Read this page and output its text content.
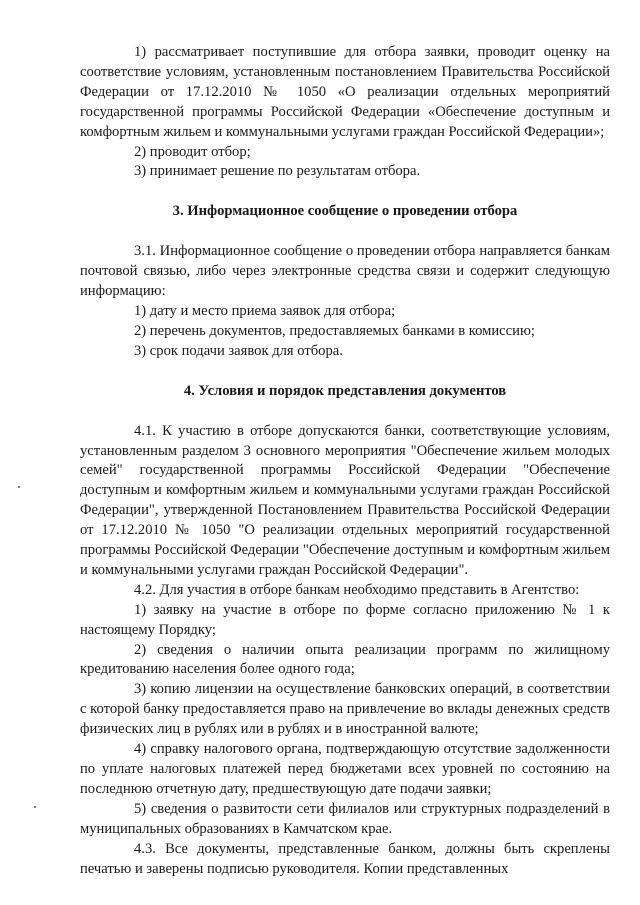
1) рассматривает поступившие для отбора заявки, проводит оценку на соответствие условиям, установленным постановлением Правительства Российской Федерации от 17.12.2010 № 1050 «О реализации отдельных мероприятий государственной программы Российской Федерации «Обеспечение доступным и комфортным жильем и коммунальными услугами граждан Российской Федерации»;

2) проводит отбор;

3) принимает решение по результатам отбора.

3. Информационное сообщение о проведении отбора

3.1. Информационное сообщение о проведении отбора направляется банкам почтовой связью, либо через электронные средства связи и содержит следующую информацию:

1) дату и место приема заявок для отбора;

2) перечень документов, предоставляемых банками в комиссию;

3) срок подачи заявок для отбора.

4. Условия и порядок представления документов

4.1. К участию в отборе допускаются банки, соответствующие условиям, установленным разделом 3 основного мероприятия "Обеспечение жильем молодых семей" государственной программы Российской Федерации "Обеспечение доступным и комфортным жильем и коммунальными услугами граждан Российской Федерации", утвержденной Постановлением Правительства Российской Федерации от 17.12.2010 № 1050 "О реализации отдельных мероприятий государственной программы Российской Федерации "Обеспечение доступным и комфортным жильем и коммунальными услугами граждан Российской Федерации".

4.2. Для участия в отборе банкам необходимо представить в Агентство:

1) заявку на участие в отборе по форме согласно приложению № 1 к настоящему Порядку;

2) сведения о наличии опыта реализации программ по жилищному кредитованию населения более одного года;

3) копию лицензии на осуществление банковских операций, в соответствии с которой банку предоставляется право на привлечение во вклады денежных средств физических лиц в рублях или в рублях и в иностранной валюте;

4) справку налогового органа, подтверждающую отсутствие задолженности по уплате налоговых платежей перед бюджетами всех уровней по состоянию на последнюю отчетную дату, предшествующую дате подачи заявки;

5) сведения о развитости сети филиалов или структурных подразделений в муниципальных образованиях в Камчатском крае.

4.3. Все документы, представленные банком, должны быть скреплены печатью и заверены подписью руководителя. Копии представленных
